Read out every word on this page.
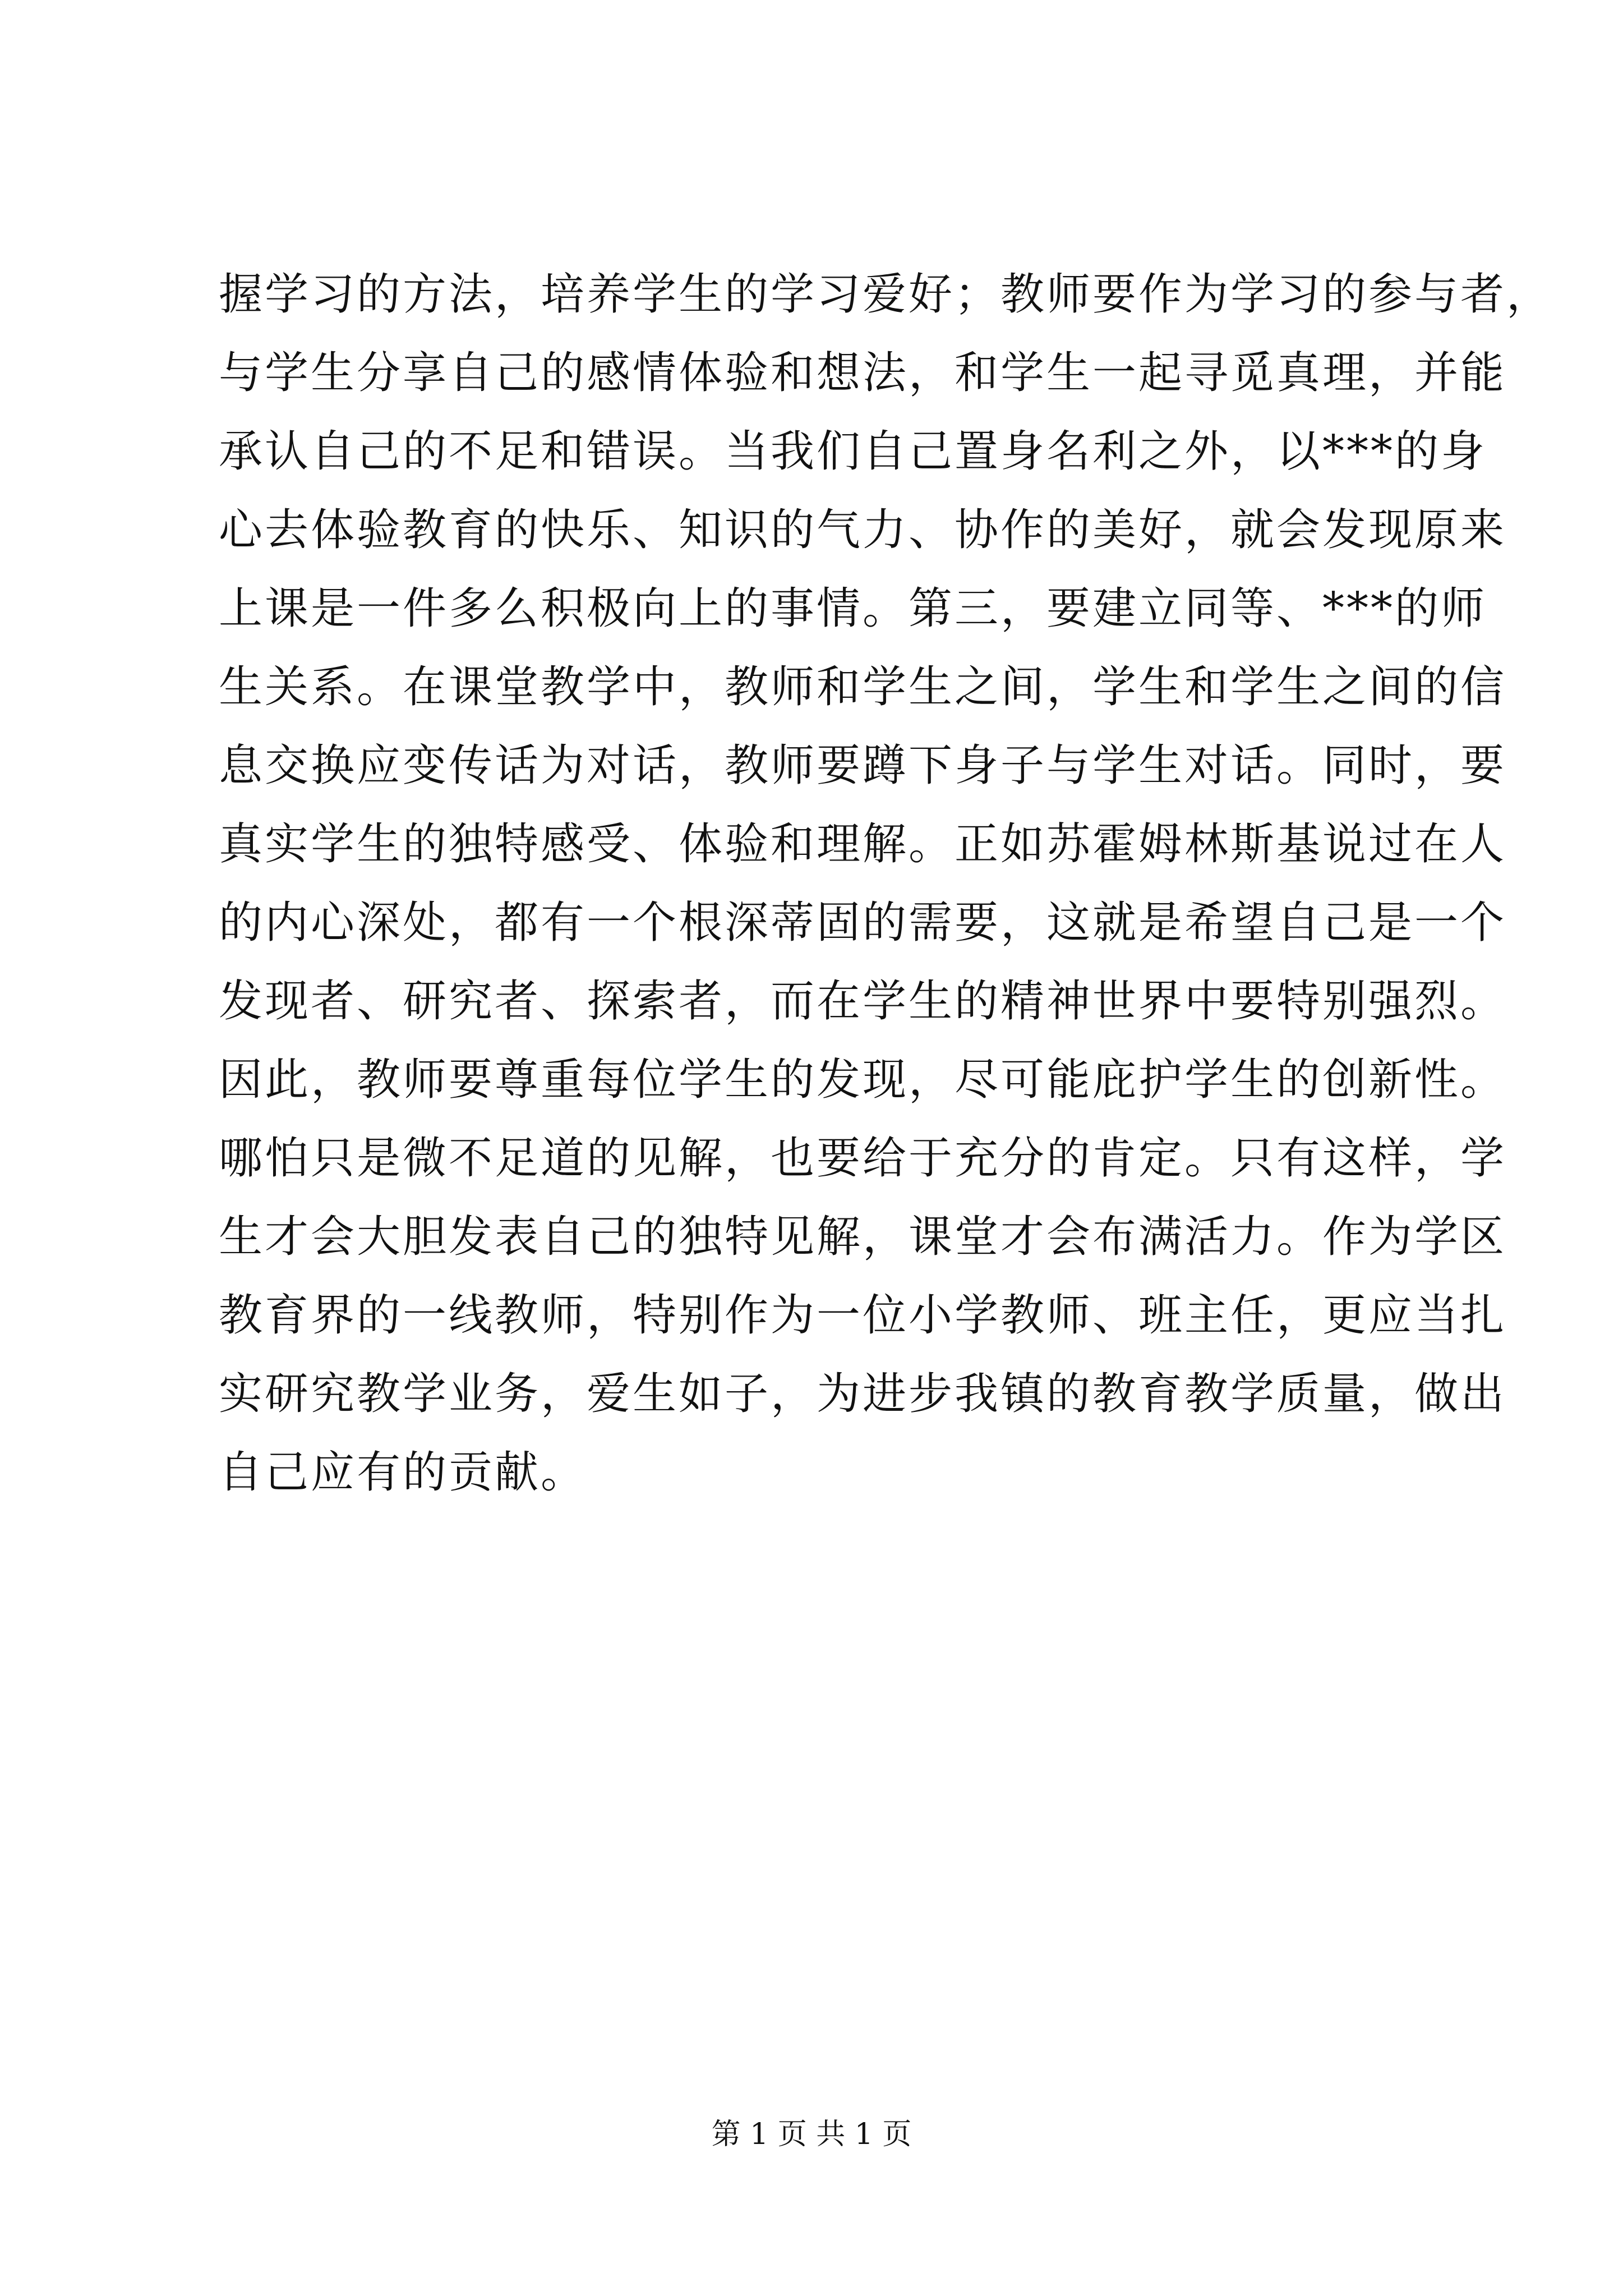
握学习的方法，培养学生的学习爱好；教师要作为学习的参与者，
与学生分享自己的感情体验和想法，和学生一起寻觅真理，并能
承认自己的不足和错误。当我们自己置身名利之外，以***的身
心去体验教育的快乐、知识的气力、协作的美好，就会发现原来
上课是一件多么积极向上的事情。第三，要建立同等、***的师
生关系。在课堂教学中，教师和学生之间，学生和学生之间的信
息交换应变传话为对话，教师要蹲下身子与学生对话。同时，要
真实学生的独特感受、体验和理解。正如苏霍姆林斯基说过在人
的内心深处，都有一个根深蒂固的需要，这就是希望自己是一个
发现者、研究者、探索者，而在学生的精神世界中要特别强烈。
因此，教师要尊重每位学生的发现，尽可能庇护学生的创新性。
哪怕只是微不足道的见解，也要给于充分的肯定。只有这样，学
生才会大胆发表自己的独特见解，课堂才会布满活力。作为学区
教育界的一线教师，特别作为一位小学教师、班主任，更应当扎
实研究教学业务，爱生如子，为进步我镇的教育教学质量，做出
自己应有的贡献。
第 1 页 共 1 页
